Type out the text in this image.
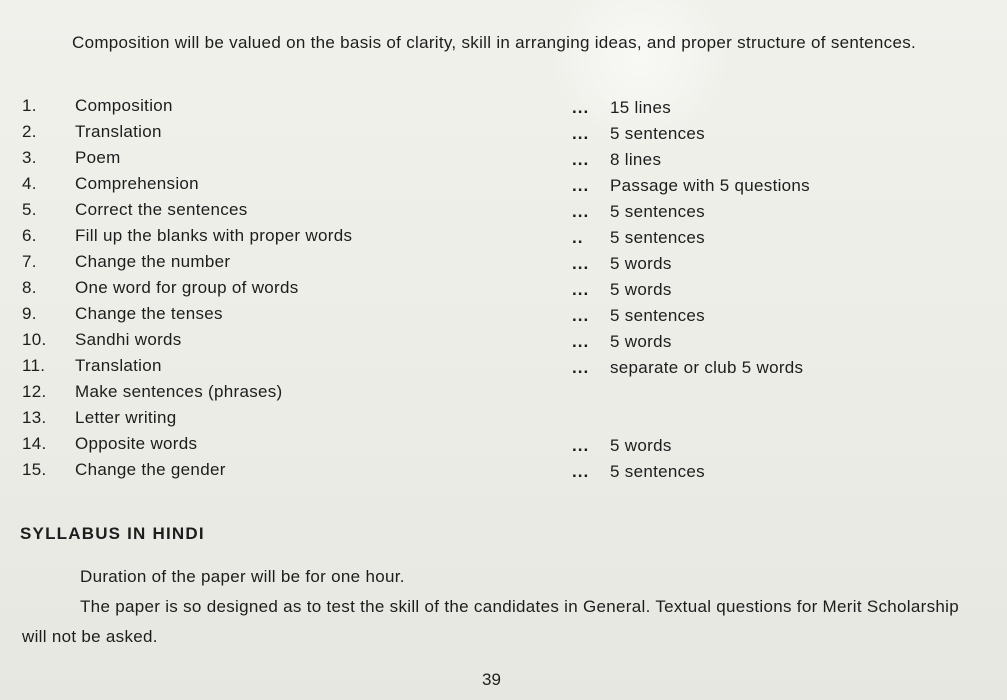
Composition will be valued on the basis of clarity, skill in arranging ideas, and proper structure of sentences.

1.	Composition	... 15 lines
2.	Translation	... 5 sentences
3.	Poem	... 8 lines
4.	Comprehension	... Passage with 5 questions
5.	Correct the sentences	... 5 sentences
6.	Fill up the blanks with proper words	.. 5 sentences
7.	Change the number	... 5 words
8.	One word for group of words	... 5 words
9.	Change the tenses	... 5 sentences
10.	Sandhi words	... 5 words
11.	Translation	... separate or club 5 words
12.	Make sentences (phrases)
13.	Letter writing
14.	Opposite words	... 5 words
15.	Change the gender	... 5 sentences
SYLLABUS IN HINDI

Duration of the paper will be for one hour.

The paper is so designed as to test the skill of the candidates in General. Textual questions for Merit Scholarship will not be asked.

39
